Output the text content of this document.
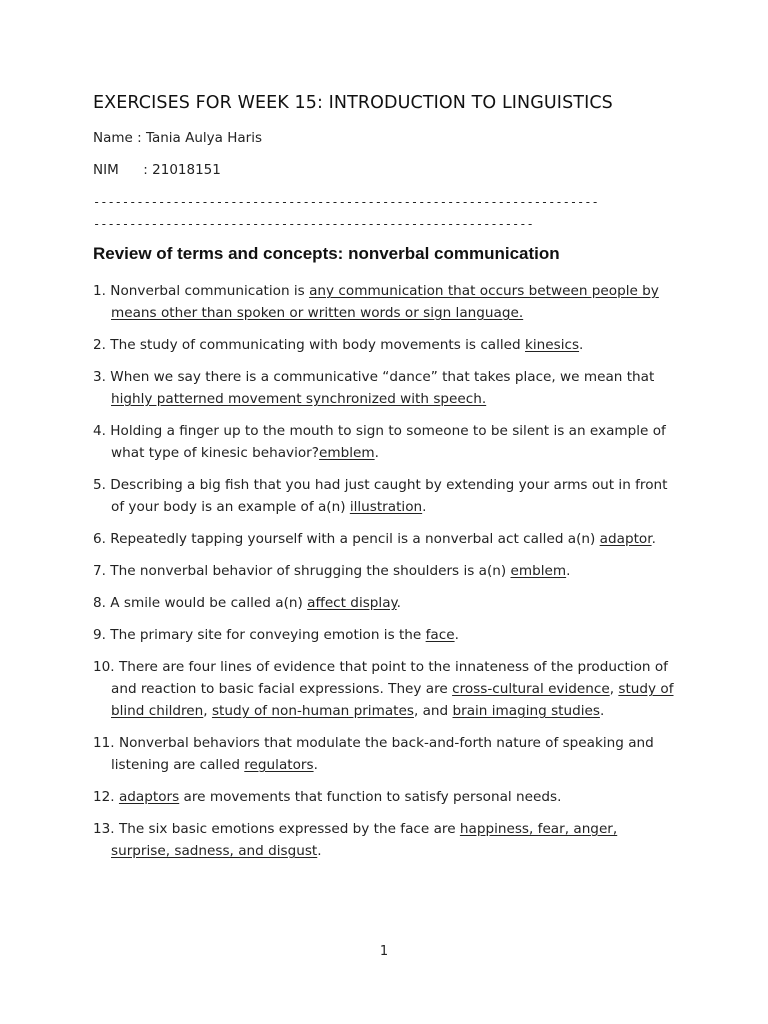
EXERCISES FOR WEEK 15: INTRODUCTION TO LINGUISTICS
Name : Tania Aulya Haris
NIM : 21018151
----------------------------------------------------------------------
-------------------------------------------------------------
Review of terms and concepts: nonverbal communication
1. Nonverbal communication is any communication that occurs between people by means other than spoken or written words or sign language.
2. The study of communicating with body movements is called kinesics.
3. When we say there is a communicative “dance” that takes place, we mean that highly patterned movement synchronized with speech.
4. Holding a finger up to the mouth to sign to someone to be silent is an example of what type of kinesic behavior?emblem.
5. Describing a big fish that you had just caught by extending your arms out in front of your body is an example of a(n) illustration.
6. Repeatedly tapping yourself with a pencil is a nonverbal act called a(n) adaptor.
7. The nonverbal behavior of shrugging the shoulders is a(n) emblem.
8. A smile would be called a(n) affect display.
9. The primary site for conveying emotion is the face.
10. There are four lines of evidence that point to the innateness of the production of and reaction to basic facial expressions. They are cross-cultural evidence, study of blind children, study of non-human primates, and brain imaging studies.
11. Nonverbal behaviors that modulate the back-and-forth nature of speaking and listening are called regulators.
12. adaptors are movements that function to satisfy personal needs.
13. The six basic emotions expressed by the face are happiness, fear, anger, surprise, sadness, and disgust.
1
